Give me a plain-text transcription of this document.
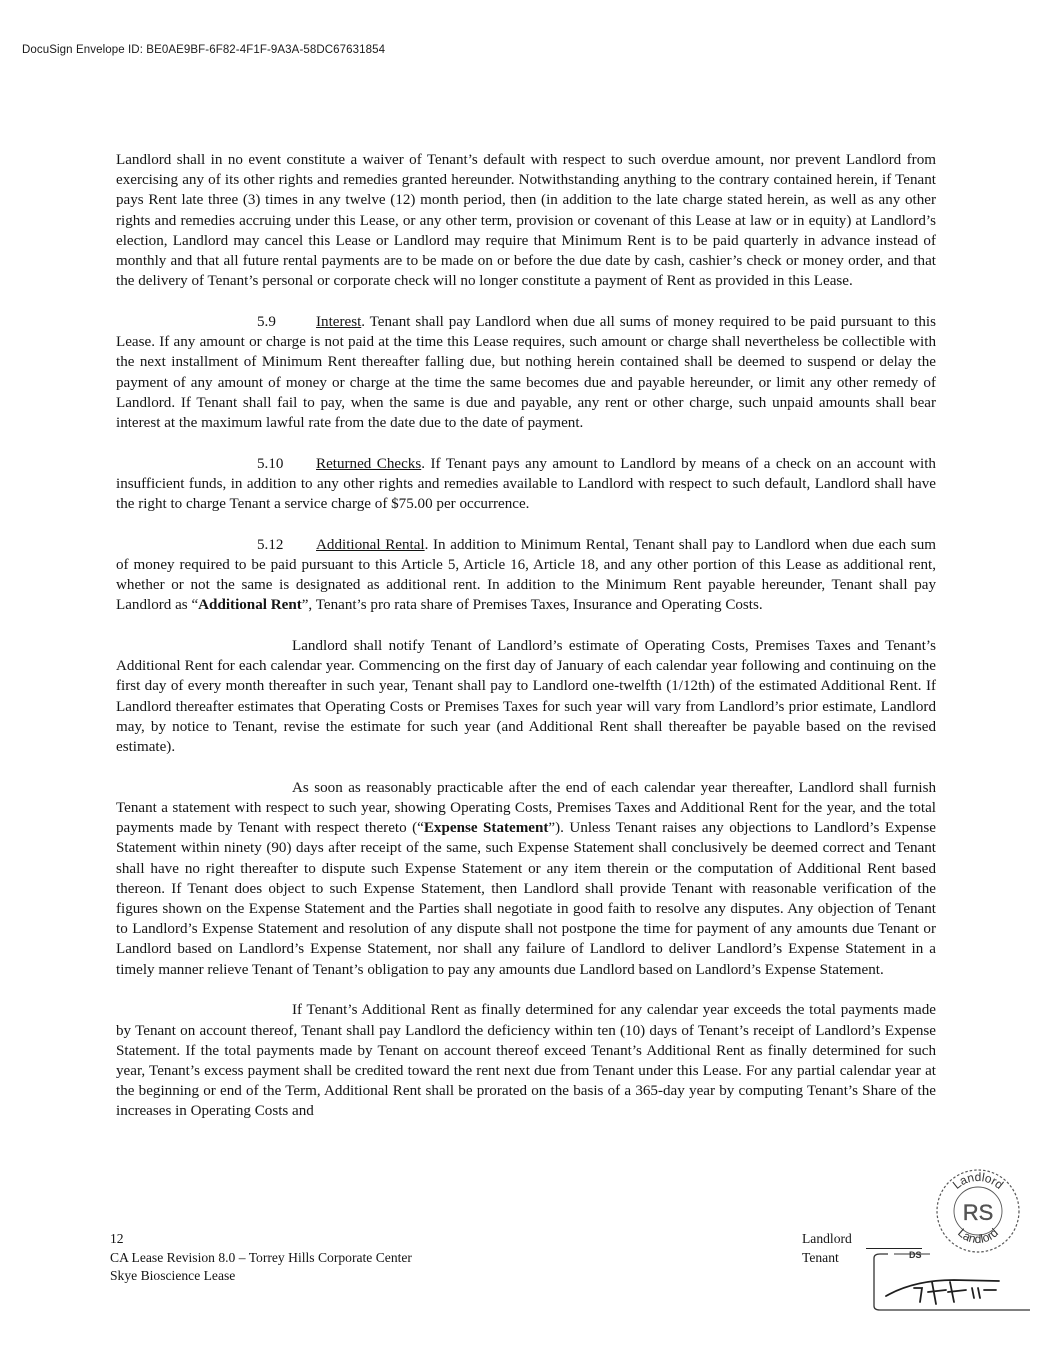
DocuSign Envelope ID: BE0AE9BF-6F82-4F1F-9A3A-58DC67631854

Landlord shall in no event constitute a waiver of Tenant’s default with respect to such overdue amount, nor prevent Landlord from exercising any of its other rights and remedies granted hereunder. Notwithstanding anything to the contrary contained herein, if Tenant pays Rent late three (3) times in any twelve (12) month period, then (in addition to the late charge stated herein, as well as any other rights and remedies accruing under this Lease, or any other term, provision or covenant of this Lease at law or in equity) at Landlord’s election, Landlord may cancel this Lease or Landlord may require that Minimum Rent is to be paid quarterly in advance instead of monthly and that all future rental payments are to be made on or before the due date by cash, cashier’s check or money order, and that the delivery of Tenant’s personal or corporate check will no longer constitute a payment of Rent as provided in this Lease.

5.9	Interest. Tenant shall pay Landlord when due all sums of money required to be paid pursuant to this Lease. If any amount or charge is not paid at the time this Lease requires, such amount or charge shall nevertheless be collectible with the next installment of Minimum Rent thereafter falling due, but nothing herein contained shall be deemed to suspend or delay the payment of any amount of money or charge at the time the same becomes due and payable hereunder, or limit any other remedy of Landlord. If Tenant shall fail to pay, when the same is due and payable, any rent or other charge, such unpaid amounts shall bear interest at the maximum lawful rate from the date due to the date of payment.

5.10 Returned Checks. If Tenant pays any amount to Landlord by means of a check on an account with insufficient funds, in addition to any other rights and remedies available to Landlord with respect to such default, Landlord shall have the right to charge Tenant a service charge of $75.00 per occurrence.

5.12 Additional Rental. In addition to Minimum Rental, Tenant shall pay to Landlord when due each sum of money required to be paid pursuant to this Article 5, Article 16, Article 18, and any other portion of this Lease as additional rent, whether or not the same is designated as additional rent. In addition to the Minimum Rent payable hereunder, Tenant shall pay Landlord as “Additional Rent”, Tenant’s pro rata share of Premises Taxes, Insurance and Operating Costs.

Landlord shall notify Tenant of Landlord’s estimate of Operating Costs, Premises Taxes and Tenant’s Additional Rent for each calendar year. Commencing on the first day of January of each calendar year following and continuing on the first day of every month thereafter in such year, Tenant shall pay to Landlord one-twelfth (1/12th) of the estimated Additional Rent. If Landlord thereafter estimates that Operating Costs or Premises Taxes for such year will vary from Landlord’s prior estimate, Landlord may, by notice to Tenant, revise the estimate for such year (and Additional Rent shall thereafter be payable based on the revised estimate).

As soon as reasonably practicable after the end of each calendar year thereafter, Landlord shall furnish Tenant a statement with respect to such year, showing Operating Costs, Premises Taxes and Additional Rent for the year, and the total payments made by Tenant with respect thereto (“Expense Statement”). Unless Tenant raises any objections to Landlord’s Expense Statement within ninety (90) days after receipt of the same, such Expense Statement shall conclusively be deemed correct and Tenant shall have no right thereafter to dispute such Expense Statement or any item therein or the computation of Additional Rent based thereon. If Tenant does object to such Expense Statement, then Landlord shall provide Tenant with reasonable verification of the figures shown on the Expense Statement and the Parties shall negotiate in good faith to resolve any disputes. Any objection of Tenant to Landlord’s Expense Statement and resolution of any dispute shall not postpone the time for payment of any amounts due Tenant or Landlord based on Landlord’s Expense Statement, nor shall any failure of Landlord to deliver Landlord’s Expense Statement in a timely manner relieve Tenant of Tenant’s obligation to pay any amounts due Landlord based on Landlord’s Expense Statement.

If Tenant’s Additional Rent as finally determined for any calendar year exceeds the total payments made by Tenant on account thereof, Tenant shall pay Landlord the deficiency within ten (10) days of Tenant’s receipt of Landlord’s Expense Statement. If the total payments made by Tenant on account thereof exceed Tenant’s Additional Rent as finally determined for such year, Tenant’s excess payment shall be credited toward the rent next due from Tenant under this Lease. For any partial calendar year at the beginning or end of the Term, Additional Rent shall be prorated on the basis of a 365-day year by computing Tenant’s Share of the increases in Operating Costs and

12
CA Lease Revision 8.0 – Torrey Hills Corporate Center
Skye Bioscience Lease
Landlord
Tenant
Landlord
Landlord
RS
DS
